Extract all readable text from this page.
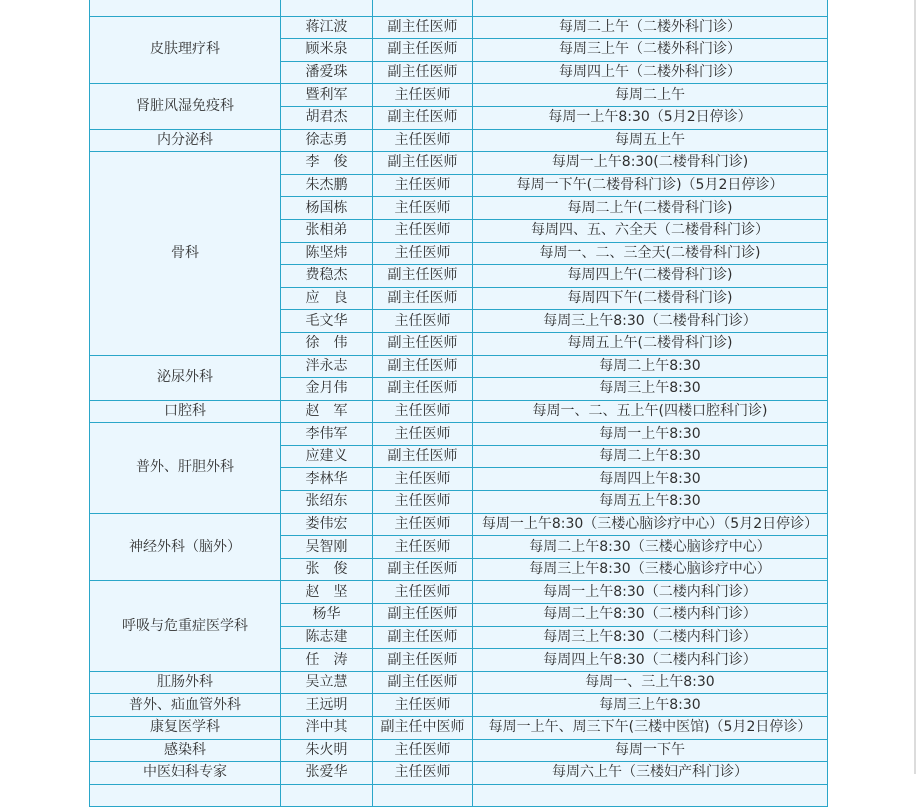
皮肤理疗科	蒋江波	副主任医师	每周二上午（二楼外科门诊）
	顾米泉	副主任医师	每周三上午（二楼外科门诊）
	潘爱珠	副主任医师	每周四上午（二楼外科门诊）
肾脏风湿免疫科	暨利军	主任医师	每周二上午
	胡君杰	副主任医师	每周一上午8:30（5月2日停诊）
内分泌科	徐志勇	主任医师	每周五上午
骨科	李　俊	副主任医师	每周一上午8:30(二楼骨科门诊)
	朱杰鹏	主任医师	每周一下午(二楼骨科门诊)（5月2日停诊）
	杨国栋	主任医师	每周二上午(二楼骨科门诊)
	张相弟	主任医师	每周四、五、六全天（二楼骨科门诊）
	陈坚炜	主任医师	每周一、二、三全天(二楼骨科门诊)
	费稳杰	副主任医师	每周四上午(二楼骨科门诊)
	应　良	副主任医师	每周四下午(二楼骨科门诊)
	毛文华	主任医师	每周三上午8:30（二楼骨科门诊）
	徐　伟	副主任医师	每周五上午(二楼骨科门诊)
泌尿外科	泮永志	副主任医师	每周二上午8:30
	金月伟	副主任医师	每周三上午8:30
口腔科	赵　军	主任医师	每周一、二、五上午(四楼口腔科门诊)
普外、肝胆外科	李伟军	主任医师	每周一上午8:30
	应建义	副主任医师	每周二上午8:30
	李林华	主任医师	每周四上午8:30
	张绍东	主任医师	每周五上午8:30
神经外科（脑外）	娄伟宏	主任医师	每周一上午8:30（三楼心脑诊疗中心）（5月2日停诊）
	吴智刚	主任医师	每周二上午8:30（三楼心脑诊疗中心）
	张　俊	副主任医师	每周三上午8:30（三楼心脑诊疗中心）
呼吸与危重症医学科	赵　坚	主任医师	每周一上午8:30（二楼内科门诊）
	杨华	副主任医师	每周二上午8:30（二楼内科门诊）
	陈志建	副主任医师	每周三上午8:30（二楼内科门诊）
	任　涛	副主任医师	每周四上午8:30（二楼内科门诊）
肛肠外科	吴立慧	副主任医师	每周一、三上午8:30
普外、疝血管外科	王远明	主任医师	每周三上午8:30
康复医学科	泮中其	副主任中医师	每周一上午、周三下午(三楼中医馆)（5月2日停诊）
感染科	朱火明	主任医师	每周一下午
中医妇科专家	张爱华	主任医师	每周六上午（三楼妇产科门诊）
